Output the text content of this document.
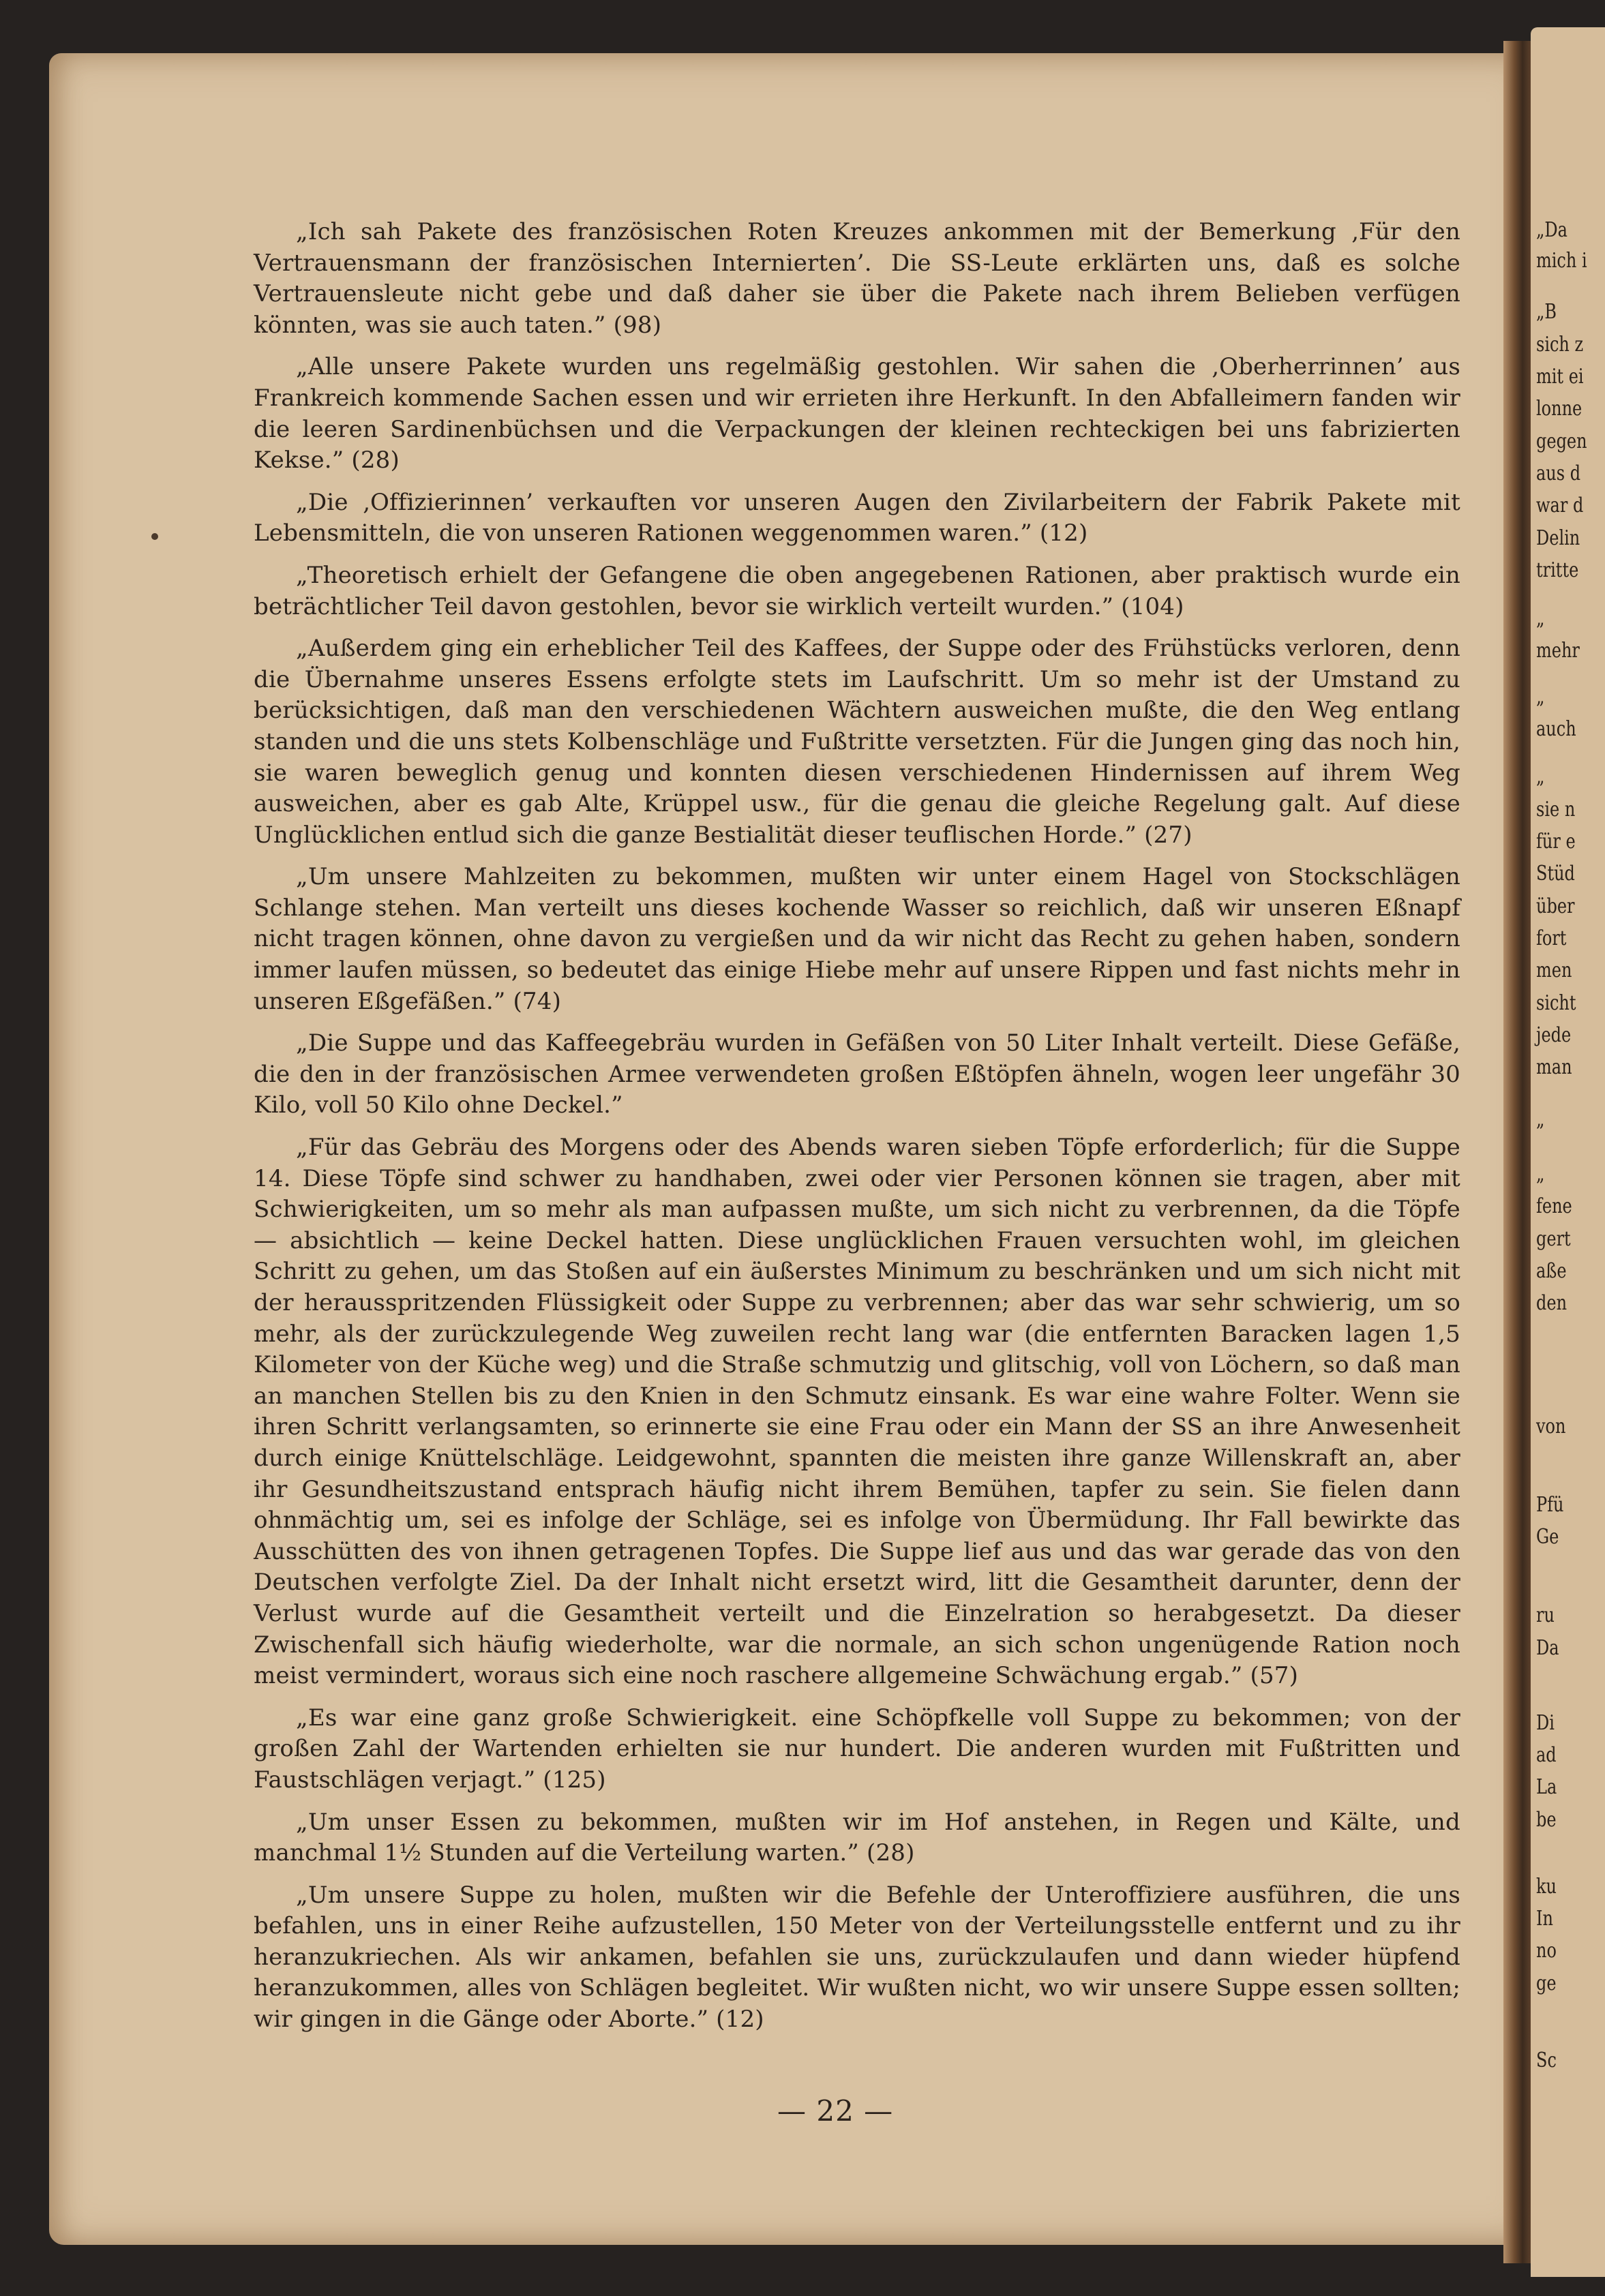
„Da
mich i
„B
sich z
mit ei
lonne
gegen
aus d
war d
Delin
tritte
„
mehr
„
auch
„
sie n
für e
Stüd
über
fort
men
sicht
jede
man
„
„
fene
gert
aße
den
von
Pfü
Ge
ru
Da
Di
ad
La
be
ku
In
no
ge
Sc

„Ich sah Pakete des französischen Roten Kreuzes ankommen mit der Bemerkung ‚Für den Vertrauensmann der französischen Internierten’. Die SS-Leute erklärten uns, daß es solche Vertrauensleute nicht gebe und daß daher sie über die Pakete nach ihrem Belieben verfügen könnten, was sie auch taten.” (98)

„Alle unsere Pakete wurden uns regelmäßig gestohlen. Wir sahen die ‚Oberherrinnen’ aus Frankreich kommende Sachen essen und wir errieten ihre Herkunft. In den Abfalleimern fanden wir die leeren Sardinenbüchsen und die Verpackungen der kleinen rechteckigen bei uns fabrizierten Kekse.” (28)

„Die ‚Offizierinnen’ verkauften vor unseren Augen den Zivilarbeitern der Fabrik Pakete mit Lebensmitteln, die von unseren Rationen weggenommen waren.” (12)

„Theoretisch erhielt der Gefangene die oben angegebenen Rationen, aber praktisch wurde ein beträchtlicher Teil davon gestohlen, bevor sie wirklich verteilt wurden.” (104)

„Außerdem ging ein erheblicher Teil des Kaffees, der Suppe oder des Frühstücks verloren, denn die Übernahme unseres Essens erfolgte stets im Laufschritt. Um so mehr ist der Umstand zu berücksichtigen, daß man den verschiedenen Wächtern ausweichen mußte, die den Weg entlang standen und die uns stets Kolbenschläge und Fußtritte versetzten. Für die Jungen ging das noch hin, sie waren beweglich genug und konnten diesen verschiedenen Hindernissen auf ihrem Weg ausweichen, aber es gab Alte, Krüppel usw., für die genau die gleiche Regelung galt. Auf diese Unglücklichen entlud sich die ganze Bestialität dieser teuflischen Horde.” (27)

„Um unsere Mahlzeiten zu bekommen, mußten wir unter einem Hagel von Stockschlägen Schlange stehen. Man verteilt uns dieses kochende Wasser so reichlich, daß wir unseren Eßnapf nicht tragen können, ohne davon zu vergießen und da wir nicht das Recht zu gehen haben, sondern immer laufen müssen, so bedeutet das einige Hiebe mehr auf unsere Rippen und fast nichts mehr in unseren Eßgefäßen.” (74)

„Die Suppe und das Kaffeegebräu wurden in Gefäßen von 50 Liter Inhalt verteilt. Diese Gefäße, die den in der französischen Armee verwendeten großen Eßtöpfen ähneln, wogen leer ungefähr 30 Kilo, voll 50 Kilo ohne Deckel.”

„Für das Gebräu des Morgens oder des Abends waren sieben Töpfe erforderlich; für die Suppe 14. Diese Töpfe sind schwer zu handhaben, zwei oder vier Personen können sie tragen, aber mit Schwierigkeiten, um so mehr als man aufpassen mußte, um sich nicht zu verbrennen, da die Töpfe — absichtlich — keine Deckel hatten. Diese unglücklichen Frauen versuchten wohl, im gleichen Schritt zu gehen, um das Stoßen auf ein äußerstes Minimum zu beschränken und um sich nicht mit der herausspritzenden Flüssigkeit oder Suppe zu verbrennen; aber das war sehr schwierig, um so mehr, als der zurückzulegende Weg zuweilen recht lang war (die entfernten Baracken lagen 1,5 Kilometer von der Küche weg) und die Straße schmutzig und glitschig, voll von Löchern, so daß man an manchen Stellen bis zu den Knien in den Schmutz einsank. Es war eine wahre Folter. Wenn sie ihren Schritt verlangsamten, so erinnerte sie eine Frau oder ein Mann der SS an ihre Anwesenheit durch einige Knüttelschläge. Leidgewohnt, spannten die meisten ihre ganze Willenskraft an, aber ihr Gesundheitszustand entsprach häufig nicht ihrem Bemühen, tapfer zu sein. Sie fielen dann ohnmächtig um, sei es infolge der Schläge, sei es infolge von Übermüdung. Ihr Fall bewirkte das Ausschütten des von ihnen getragenen Topfes. Die Suppe lief aus und das war gerade das von den Deutschen verfolgte Ziel. Da der Inhalt nicht ersetzt wird, litt die Gesamtheit darunter, denn der Verlust wurde auf die Gesamtheit verteilt und die Einzelration so herabgesetzt. Da dieser Zwischenfall sich häufig wiederholte, war die normale, an sich schon ungenügende Ration noch meist vermindert, woraus sich eine noch raschere allgemeine Schwächung ergab.” (57)

„Es war eine ganz große Schwierigkeit. eine Schöpfkelle voll Suppe zu bekommen; von der großen Zahl der Wartenden erhielten sie nur hundert. Die anderen wurden mit Fußtritten und Faustschlägen verjagt.” (125)

„Um unser Essen zu bekommen, mußten wir im Hof anstehen, in Regen und Kälte, und manchmal 1½ Stunden auf die Verteilung warten.” (28)

„Um unsere Suppe zu holen, mußten wir die Befehle der Unteroffiziere ausführen, die uns befahlen, uns in einer Reihe aufzustellen, 150 Meter von der Verteilungsstelle entfernt und zu ihr heranzukriechen. Als wir ankamen, befahlen sie uns, zurückzulaufen und dann wieder hüpfend heranzukommen, alles von Schlägen begleitet. Wir wußten nicht, wo wir unsere Suppe essen sollten; wir gingen in die Gänge oder Aborte.” (12)

— 22 —
